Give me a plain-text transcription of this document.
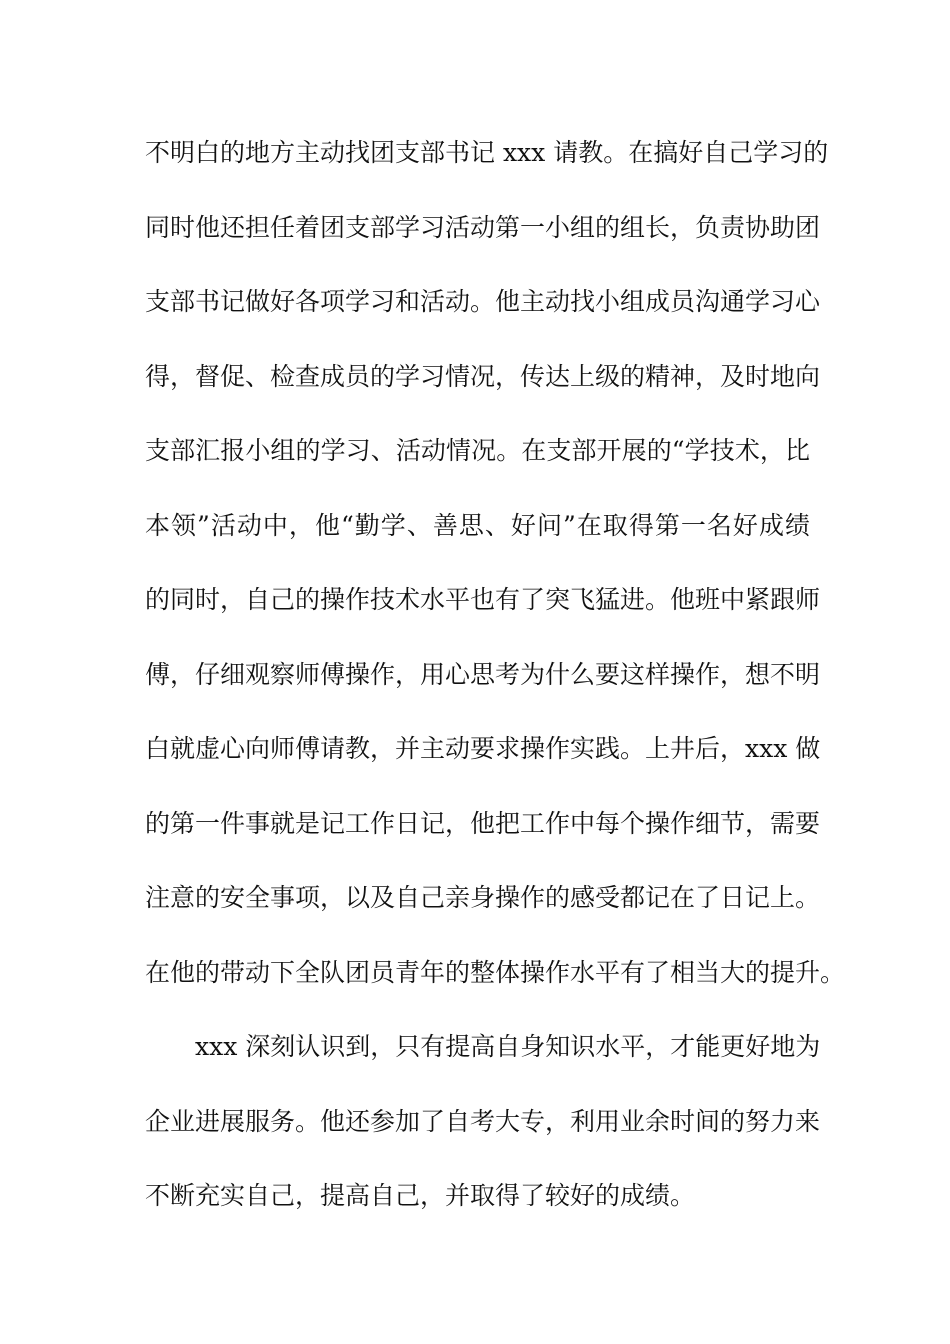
不明白的地方主动找团支部书记 xxx 请教。在搞好自己学习的
同时他还担任着团支部学习活动第一小组的组长，负责协助团
支部书记做好各项学习和活动。他主动找小组成员沟通学习心
得，督促、检查成员的学习情况，传达上级的精神，及时地向
支部汇报小组的学习、活动情况。在支部开展的“学技术，比
本领”活动中，他“勤学、善思、好问”在取得第一名好成绩
的同时，自己的操作技术水平也有了突飞猛进。他班中紧跟师
傅，仔细观察师傅操作，用心思考为什么要这样操作，想不明
白就虚心向师傅请教，并主动要求操作实践。上井后，xxx 做
的第一件事就是记工作日记，他把工作中每个操作细节，需要
注意的安全事项，以及自己亲身操作的感受都记在了日记上。
在他的带动下全队团员青年的整体操作水平有了相当大的提升。
xxx 深刻认识到，只有提高自身知识水平，才能更好地为
企业进展服务。他还参加了自考大专，利用业余时间的努力来
不断充实自己，提高自己，并取得了较好的成绩。
